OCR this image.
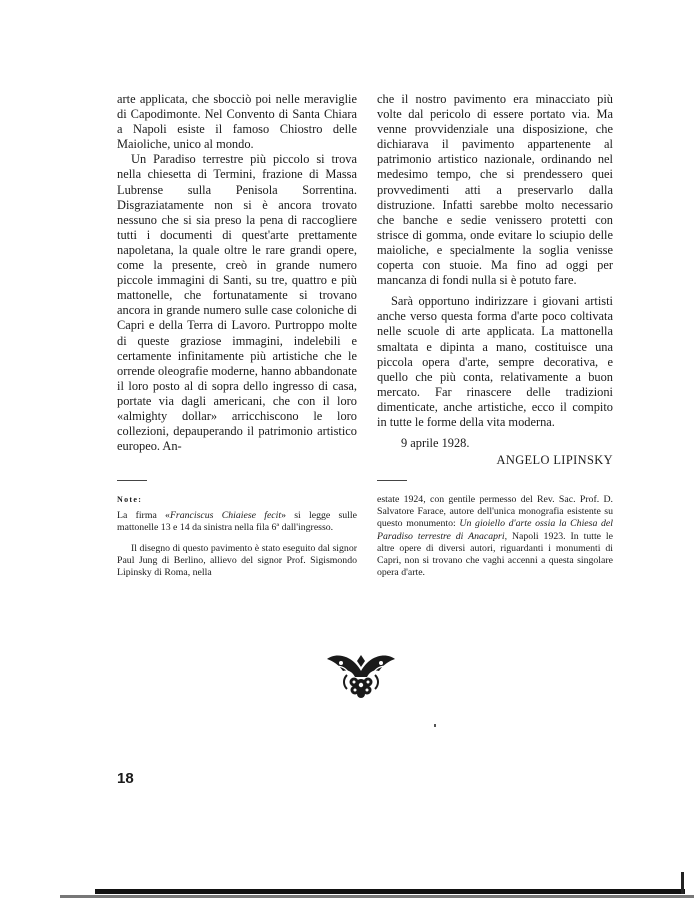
arte applicata, che sbocciò poi nelle meraviglie di Capodimonte. Nel Convento di Santa Chiara a Napoli esiste il famoso Chiostro delle Maioliche, unico al mondo.

Un Paradiso terrestre più piccolo si trova nella chiesetta di Termini, frazione di Massa Lubrense sulla Penisola Sorrentina. Disgraziatamente non si è ancora trovato nessuno che si sia preso la pena di raccogliere tutti i documenti di quest'arte prettamente napoletana, la quale oltre le rare grandi opere, come la presente, creò in grande numero piccole immagini di Santi, su tre, quattro e più mattonelle, che fortunatamente si trovano ancora in grande numero sulle case coloniche di Capri e della Terra di Lavoro. Purtroppo molte di queste graziose immagini, indelebili e certamente infinitamente più artistiche che le orrende oleografie moderne, hanno abbandonate il loro posto al di sopra dello ingresso di casa, portate via dagli americani, che con il loro «almighty dollar» arricchiscono le loro collezioni, depauperando il patrimonio artistico europeo. An-

che il nostro pavimento era minacciato più volte dal pericolo di essere portato via. Ma venne provvidenziale una disposizione, che dichiarava il pavimento appartenente al patrimonio artistico nazionale, ordinando nel medesimo tempo, che si prendessero quei provvedimenti atti a preservarlo dalla distruzione. Infatti sarebbe molto necessario che banche e sedie venissero protetti con strisce di gomma, onde evitare lo sciupio delle maioliche, e specialmente la soglia venisse coperta con stuoie. Ma fino ad oggi per mancanza di fondi nulla si è potuto fare.

Sarà opportuno indirizzare i giovani artisti anche verso questa forma d'arte poco coltivata nelle scuole di arte applicata. La mattonella smaltata e dipinta a mano, costituisce una piccola opera d'arte, sempre decorativa, e quello che più conta, relativamente a buon mercato. Far rinascere delle tradizioni dimenticate, anche artistiche, ecco il compito in tutte le forme della vita moderna.

9 aprile 1928.

ANGELO LIPINSKY

Note:

La firma «Franciscus Chiaiese fecit» si legge sulle mattonelle 13 e 14 da sinistra nella fila 6ª dall'ingresso.

Il disegno di questo pavimento è stato eseguito dal signor Paul Jung di Berlino, allievo del signor Prof. Sigismondo Lipinsky di Roma, nella

estate 1924, con gentile permesso del Rev. Sac. Prof. D. Salvatore Farace, autore dell'unica monografia esistente su questo monumento: Un gioiello d'arte ossia la Chiesa del Paradiso terrestre di Anacapri, Napoli 1923. In tutte le altre opere di diversi autori, riguardanti i monumenti di Capri, non si trovano che vaghi accenni a questa singolare opera d'arte.

18
